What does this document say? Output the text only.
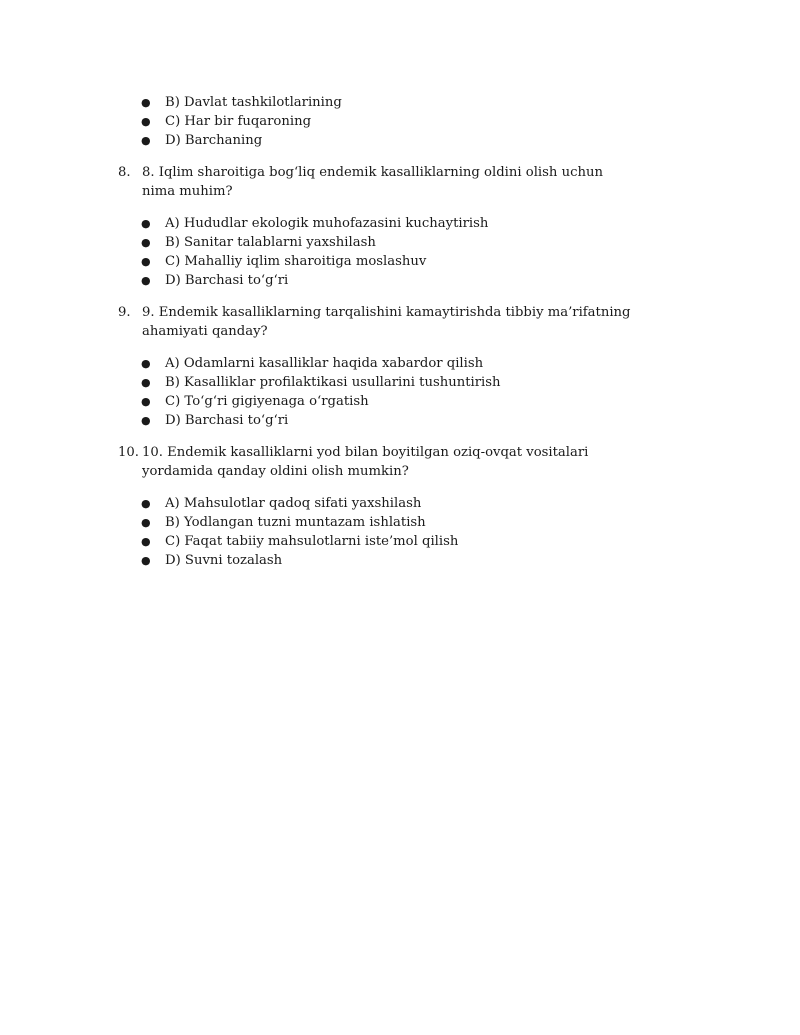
● B) Davlat tashkilotlarining
● C) Har bir fuqaroning
● D) Barchaning
8. 8. Iqlim sharoitiga bog‘liq endemik kasalliklarning oldini olish uchun nima muhim?
● A) Hududlar ekologik muhofazasini kuchaytirish
● B) Sanitar talablarni yaxshilash
● C) Mahalliy iqlim sharoitiga moslashuv
● D) Barchasi to‘g‘ri
9. 9. Endemik kasalliklarning tarqalishini kamaytirishda tibbiy ma’rifatning ahamiyati qanday?
● A) Odamlarni kasalliklar haqida xabardor qilish
● B) Kasalliklar profilaktikasi usullarini tushuntirish
● C) To‘g‘ri gigiyenaga o‘rgatish
● D) Barchasi to‘g‘ri
10. 10. Endemik kasalliklarni yod bilan boyitilgan oziq-ovqat vositalari yordamida qanday oldini olish mumkin?
● A) Mahsulotlar qadoq sifati yaxshilash
● B) Yodlangan tuzni muntazam ishlatish
● C) Faqat tabiiy mahsulotlarni iste’mol qilish
● D) Suvni tozalash
